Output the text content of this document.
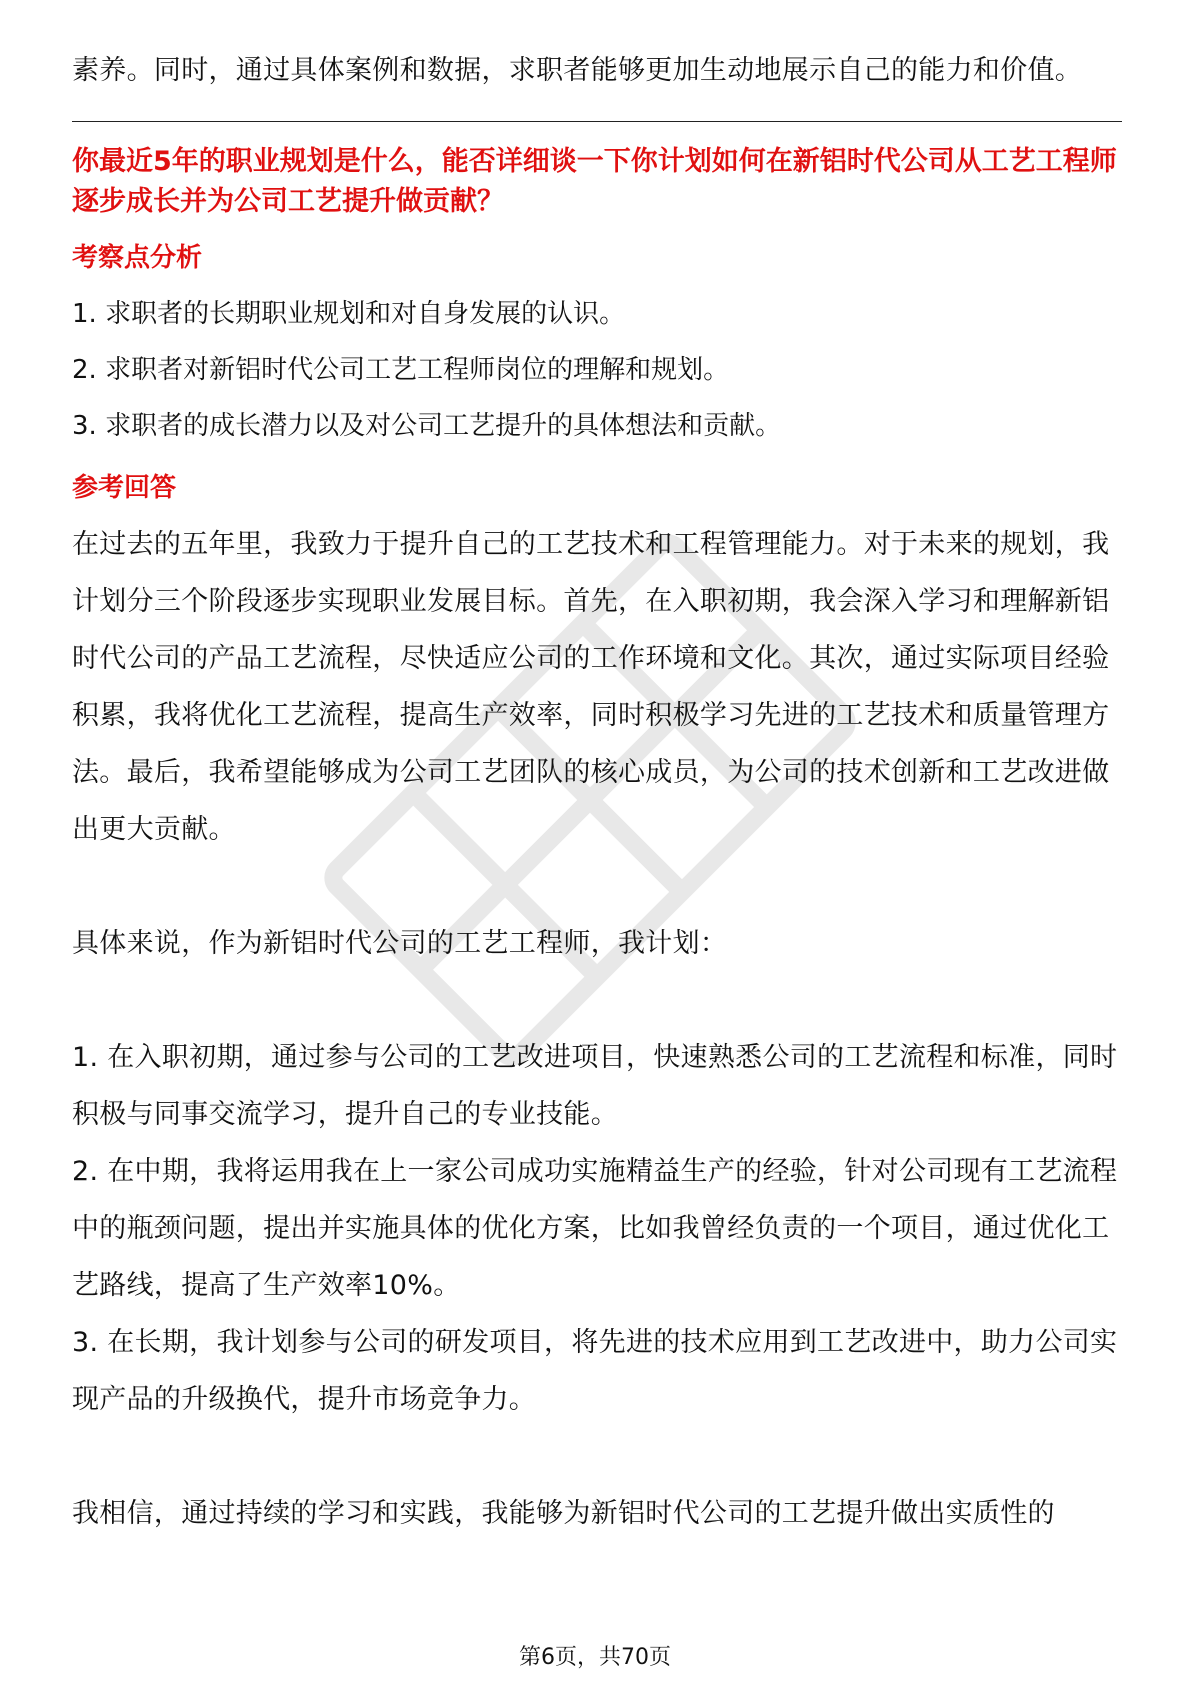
素养。同时，通过具体案例和数据，求职者能够更加生动地展示自己的能力和价值。

你最近5年的职业规划是什么，能否详细谈一下你计划如何在新铝时代公司从工艺工程师逐步成长并为公司工艺提升做贡献？

考察点分析

1. 求职者的长期职业规划和对自身发展的认识。

2. 求职者对新铝时代公司工艺工程师岗位的理解和规划。

3. 求职者的成长潜力以及对公司工艺提升的具体想法和贡献。

参考回答

在过去的五年里，我致力于提升自己的工艺技术和工程管理能力。对于未来的规划，我计划分三个阶段逐步实现职业发展目标。首先，在入职初期，我会深入学习和理解新铝时代公司的产品工艺流程，尽快适应公司的工作环境和文化。其次，通过实际项目经验积累，我将优化工艺流程，提高生产效率，同时积极学习先进的工艺技术和质量管理方法。最后，我希望能够成为公司工艺团队的核心成员，为公司的技术创新和工艺改进做出更大贡献。

具体来说，作为新铝时代公司的工艺工程师，我计划：

1. 在入职初期，通过参与公司的工艺改进项目，快速熟悉公司的工艺流程和标准，同时积极与同事交流学习，提升自己的专业技能。

2. 在中期，我将运用我在上一家公司成功实施精益生产的经验，针对公司现有工艺流程中的瓶颈问题，提出并实施具体的优化方案，比如我曾经负责的一个项目，通过优化工艺路线，提高了生产效率10%。

3. 在长期，我计划参与公司的研发项目，将先进的技术应用到工艺改进中，助力公司实现产品的升级换代，提升市场竞争力。

我相信，通过持续的学习和实践，我能够为新铝时代公司的工艺提升做出实质性的

第6页，共70页
